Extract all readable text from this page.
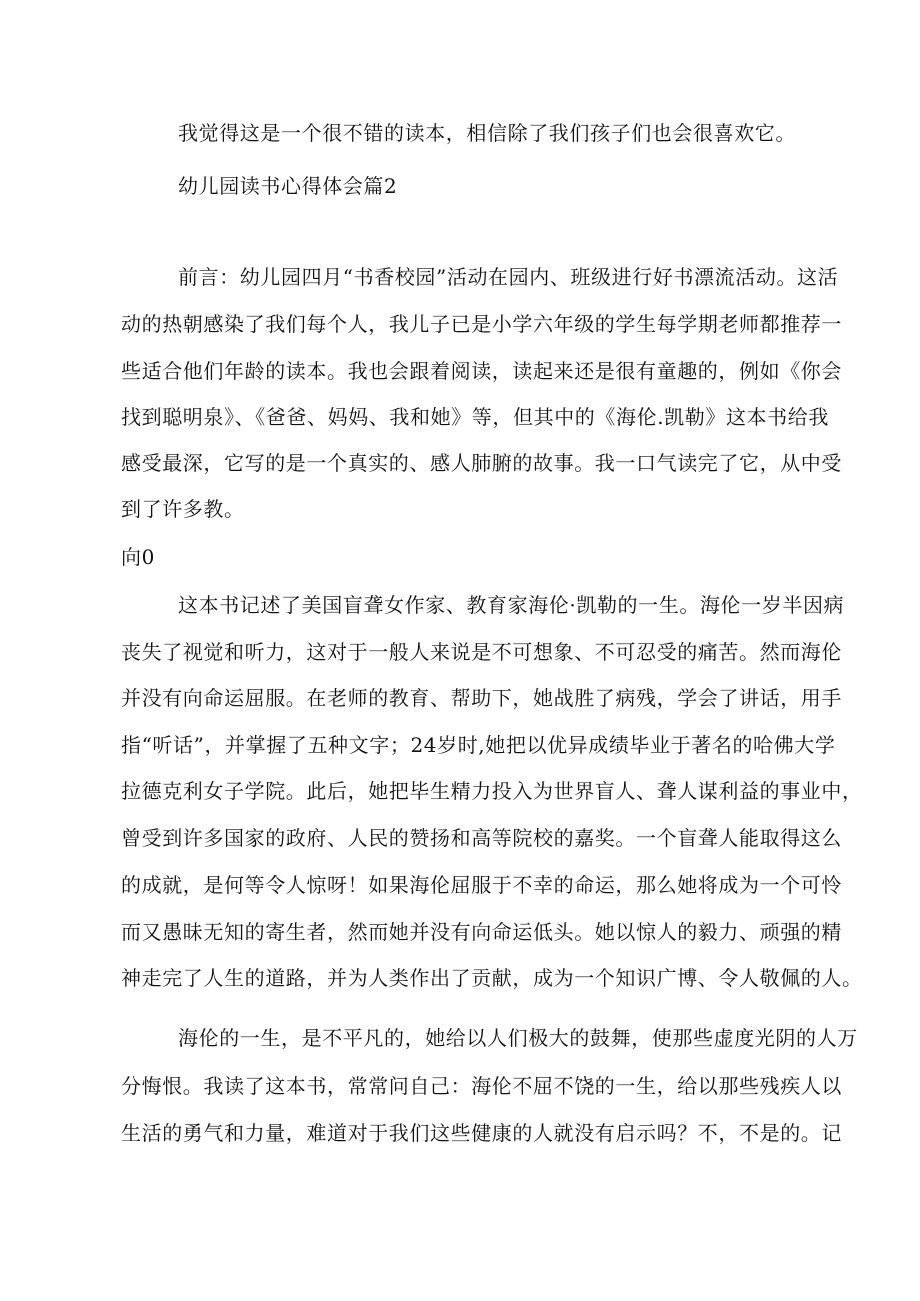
我觉得这是一个很不错的读本，相信除了我们孩子们也会很喜欢它。
幼儿园读书心得体会篇2
前言：幼儿园四月“书香校园”活动在园内、班级进行好书漂流活动。这活
动的热朝感染了我们每个人，我儿子已是小学六年级的学生每学期老师都推荐一
些适合他们年龄的读本。我也会跟着阅读，读起来还是很有童趣的，例如《你会
找到聪明泉》、《爸爸、妈妈、我和她》等，但其中的《海伦.凯勒》这本书给我
感受最深，它写的是一个真实的、感人肺腑的故事。我一口气读完了它，从中受
到了许多教。
向0
这本书记述了美国盲聋女作家、教育家海伦·凯勒的一生。海伦一岁半因病
丧失了视觉和听力，这对于一般人来说是不可想象、不可忍受的痛苦。然而海伦
并没有向命运屈服。在老师的教育、帮助下，她战胜了病残，学会了讲话，用手
指“听话”，并掌握了五种文字；24岁时,她把以优异成绩毕业于著名的哈佛大学
拉德克利女子学院。此后，她把毕生精力投入为世界盲人、聋人谋利益的事业中，
曾受到许多国家的政府、人民的赞扬和高等院校的嘉奖。一个盲聋人能取得这么
的成就，是何等令人惊呀！如果海伦屈服于不幸的命运，那么她将成为一个可怜
而又愚昧无知的寄生者，然而她并没有向命运低头。她以惊人的毅力、顽强的精
神走完了人生的道路，并为人类作出了贡献，成为一个知识广博、令人敬佩的人。
海伦的一生，是不平凡的，她给以人们极大的鼓舞，使那些虚度光阴的人万
分悔恨。我读了这本书，常常问自己：海伦不屈不饶的一生，给以那些残疾人以
生活的勇气和力量，难道对于我们这些健康的人就没有启示吗？不，不是的。记
